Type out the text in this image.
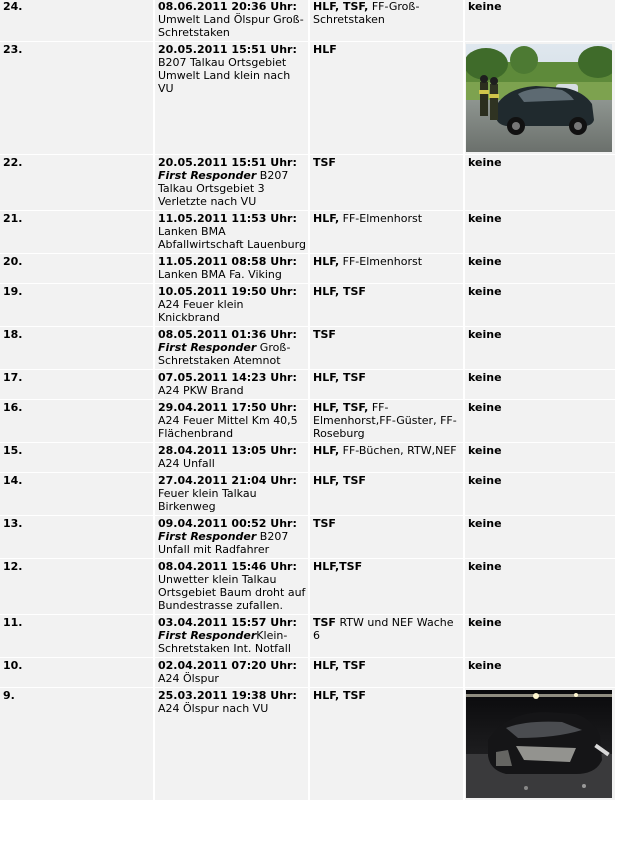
24.	08.06.2011 20:36 Uhr: Umwelt Land Ölspur Groß-Schretstaken	HLF, TSF, FF-Groß-Schretstaken	keine
23.	20.05.2011 15:51 Uhr: B207 Talkau Ortsgebiet Umwelt Land klein nach VU	HLF	

22.	20.05.2011 15:51 Uhr: First Responder B207 Talkau Ortsgebiet 3 Verletzte nach VU	TSF	keine
21.	11.05.2011 11:53 Uhr: Lanken BMA Abfallwirtschaft Lauenburg	HLF, FF-Elmenhorst	keine
20.	11.05.2011 08:58 Uhr: Lanken BMA Fa. Viking	HLF, FF-Elmenhorst	keine
19.	10.05.2011 19:50 Uhr: A24 Feuer klein Knickbrand	HLF, TSF	keine
18.	08.05.2011 01:36 Uhr: First Responder Groß-Schretstaken Atemnot	TSF	keine
17.	07.05.2011 14:23 Uhr: A24 PKW Brand	HLF, TSF	keine
16.	29.04.2011 17:50 Uhr: A24 Feuer Mittel Km 40,5 Flächenbrand	HLF, TSF, FF-Elmenhorst,FF-Güster, FF-Roseburg	keine
15.	28.04.2011 13:05 Uhr: A24 Unfall	HLF, FF-Büchen, RTW,NEF	keine
14.	27.04.2011 21:04 Uhr: Feuer klein Talkau Birkenweg	HLF, TSF	keine
13.	09.04.2011 00:52 Uhr: First Responder B207 Unfall mit Radfahrer	TSF	keine
12.	08.04.2011 15:46 Uhr: Unwetter klein Talkau Ortsgebiet Baum droht auf Bundestrasse zufallen.	HLF,TSF	keine
11.	03.04.2011 15:57 Uhr: First ResponderKlein-Schretstaken Int. Notfall	TSF RTW und NEF Wache 6	keine
10.	02.04.2011 07:20 Uhr: A24 Ölspur	HLF, TSF	keine
9.	25.03.2011 19:38 Uhr: A24 Ölspur nach VU	HLF, TSF	
